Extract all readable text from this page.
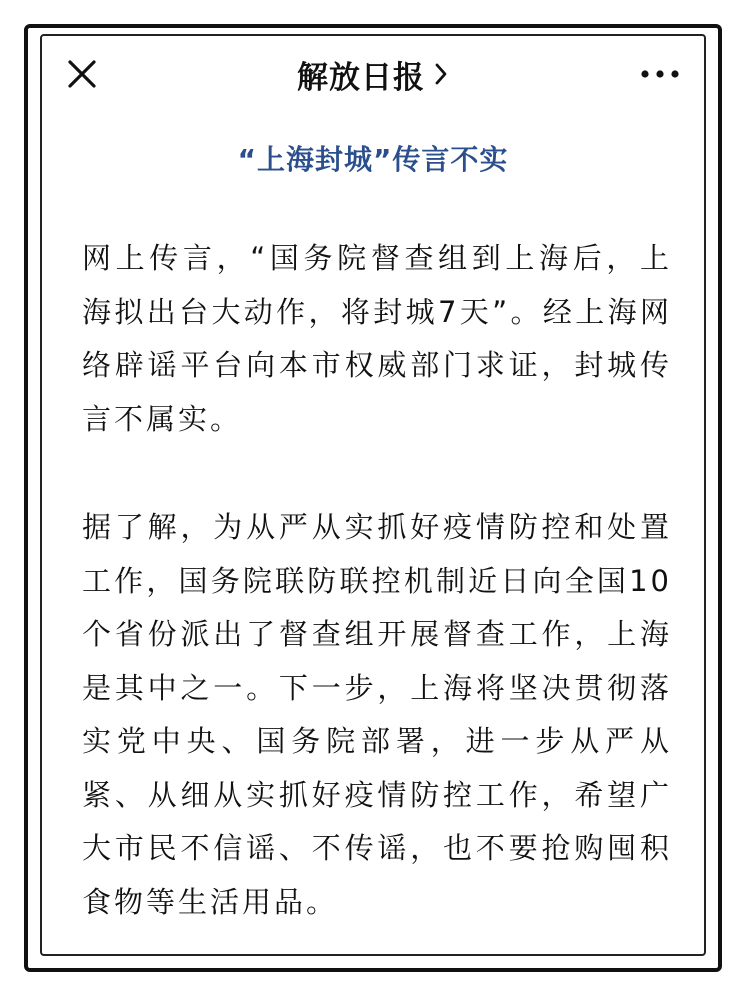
解放日报
“上海封城”传言不实

网上传言，“国务院督查组到上海后，上海拟出台大动作，将封城7天”。经上海网络辟谣平台向本市权威部门求证，封城传言不属实。

据了解，为从严从实抓好疫情防控和处置工作，国务院联防联控机制近日向全国10个省份派出了督查组开展督查工作，上海是其中之一。下一步，上海将坚决贯彻落实党中央、国务院部署，进一步从严从紧、从细从实抓好疫情防控工作，希望广大市民不信谣、不传谣，也不要抢购囤积食物等生活用品。
